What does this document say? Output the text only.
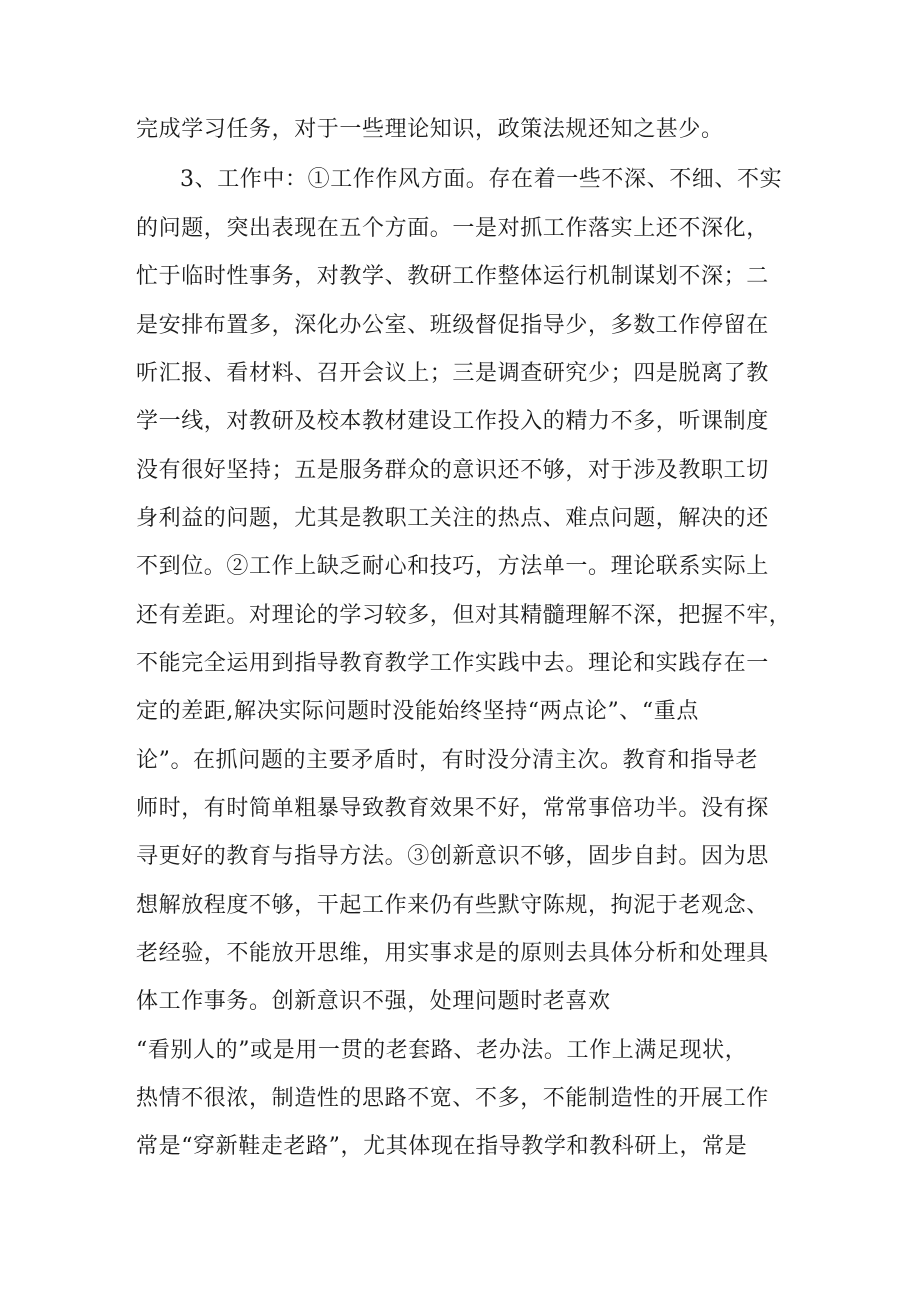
完成学习任务，对于一些理论知识，政策法规还知之甚少。
3、工作中：①工作作风方面。存在着一些不深、不细、不实
的问题，突出表现在五个方面。一是对抓工作落实上还不深化，
忙于临时性事务，对教学、教研工作整体运行机制谋划不深；二
是安排布置多，深化办公室、班级督促指导少，多数工作停留在
听汇报、看材料、召开会议上；三是调查研究少；四是脱离了教
学一线，对教研及校本教材建设工作投入的精力不多，听课制度
没有很好坚持；五是服务群众的意识还不够，对于涉及教职工切
身利益的问题，尤其是教职工关注的热点、难点问题，解决的还
不到位。②工作上缺乏耐心和技巧，方法单一。理论联系实际上
还有差距。对理论的学习较多，但对其精髓理解不深，把握不牢，
不能完全运用到指导教育教学工作实践中去。理论和实践存在一
定的差距,解决实际问题时没能始终坚持“两点论”、“重点
论”。在抓问题的主要矛盾时，有时没分清主次。教育和指导老
师时，有时简单粗暴导致教育效果不好，常常事倍功半。没有探
寻更好的教育与指导方法。③创新意识不够，固步自封。因为思
想解放程度不够，干起工作来仍有些默守陈规，拘泥于老观念、
老经验，不能放开思维，用实事求是的原则去具体分析和处理具
体工作事务。创新意识不强，处理问题时老喜欢
“看别人的”或是用一贯的老套路、老办法。工作上满足现状，
热情不很浓，制造性的思路不宽、不多，不能制造性的开展工作
常是“穿新鞋走老路”，尤其体现在指导教学和教科研上，常是
